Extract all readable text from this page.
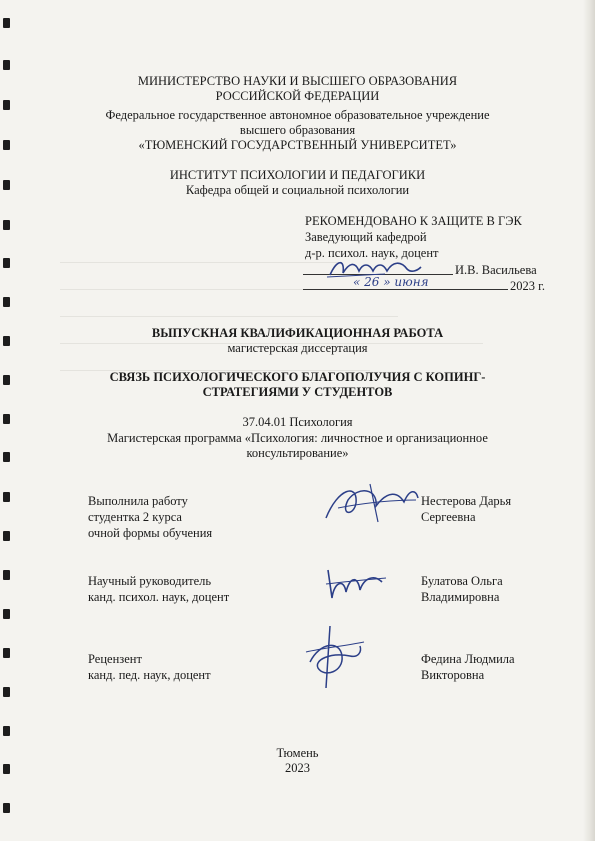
МИНИСТЕРСТВО НАУКИ И ВЫСШЕГО ОБРАЗОВАНИЯ
РОССИЙСКОЙ ФЕДЕРАЦИИ
Федеральное государственное автономное образовательное учреждение
высшего образования
«ТЮМЕНСКИЙ ГОСУДАРСТВЕННЫЙ УНИВЕРСИТЕТ»
ИНСТИТУТ ПСИХОЛОГИИ И ПЕДАГОГИКИ
Кафедра общей и социальной психологии
РЕКОМЕНДОВАНО К ЗАЩИТЕ В ГЭК
Заведующий кафедрой
д-р. психол. наук, доцент
И.В. Васильева
« 26 » июня	2023 г.
ВЫПУСКНАЯ КВАЛИФИКАЦИОННАЯ РАБОТА
магистерская диссертация
СВЯЗЬ ПСИХОЛОГИЧЕСКОГО БЛАГОПОЛУЧИЯ С КОПИНГ-
СТРАТЕГИЯМИ У СТУДЕНТОВ
37.04.01 Психология
Магистерская программа «Психология: личностное и организационное
консультирование»
Выполнила работу
студентка 2 курса
очной формы обучения
Нестерова Дарья
Сергеевна
Научный руководитель
канд. психол. наук, доцент
Булатова Ольга
Владимировна
Рецензент
канд. пед. наук, доцент
Федина Людмила
Викторовна
Тюмень
2023
